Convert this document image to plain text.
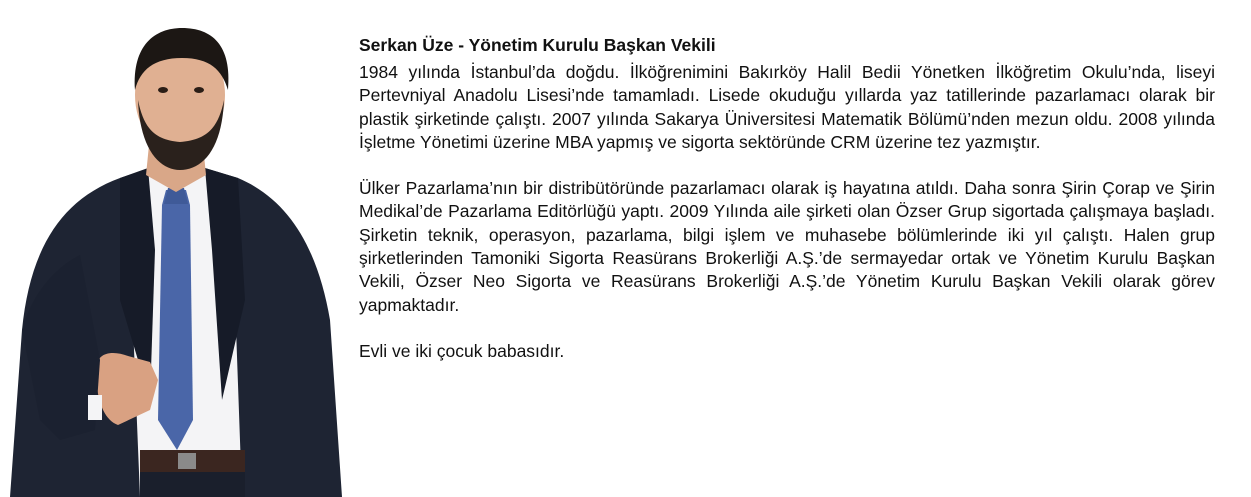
Serkan Üze - Yönetim Kurulu Başkan Vekili

1984 yılında İstanbul’da doğdu. İlköğrenimini Bakırköy Halil Bedii Yönetken İlköğretim Okulu’nda, liseyi Pertevniyal Anadolu Lisesi’nde tamamladı. Lisede okuduğu yıllarda yaz tatillerinde pazarlamacı olarak bir plastik şirketinde çalıştı. 2007 yılında Sakarya Üniversitesi Matematik Bölümü’nden mezun oldu. 2008 yılında İşletme Yönetimi üzerine MBA yapmış ve sigorta sektöründe CRM üzerine tez yazmıştır.

Ülker Pazarlama’nın bir distribütöründe pazarlamacı olarak iş hayatına atıldı. Daha sonra Şirin Çorap ve Şirin Medikal’de Pazarlama Editörlüğü yaptı. 2009 Yılında aile şirketi olan Özser Grup sigortada çalışmaya başladı. Şirketin teknik, operasyon, pazarlama, bilgi işlem ve muhasebe bölümlerinde iki yıl çalıştı. Halen grup şirketlerinden Tamoniki Sigorta Reasürans Brokerliği A.Ş.’de sermayedar ortak ve Yönetim Kurulu Başkan Vekili, Özser Neo Sigorta ve Reasürans Brokerliği A.Ş.’de Yönetim Kurulu Başkan Vekili olarak görev yapmaktadır.

Evli ve iki çocuk babasıdır.
